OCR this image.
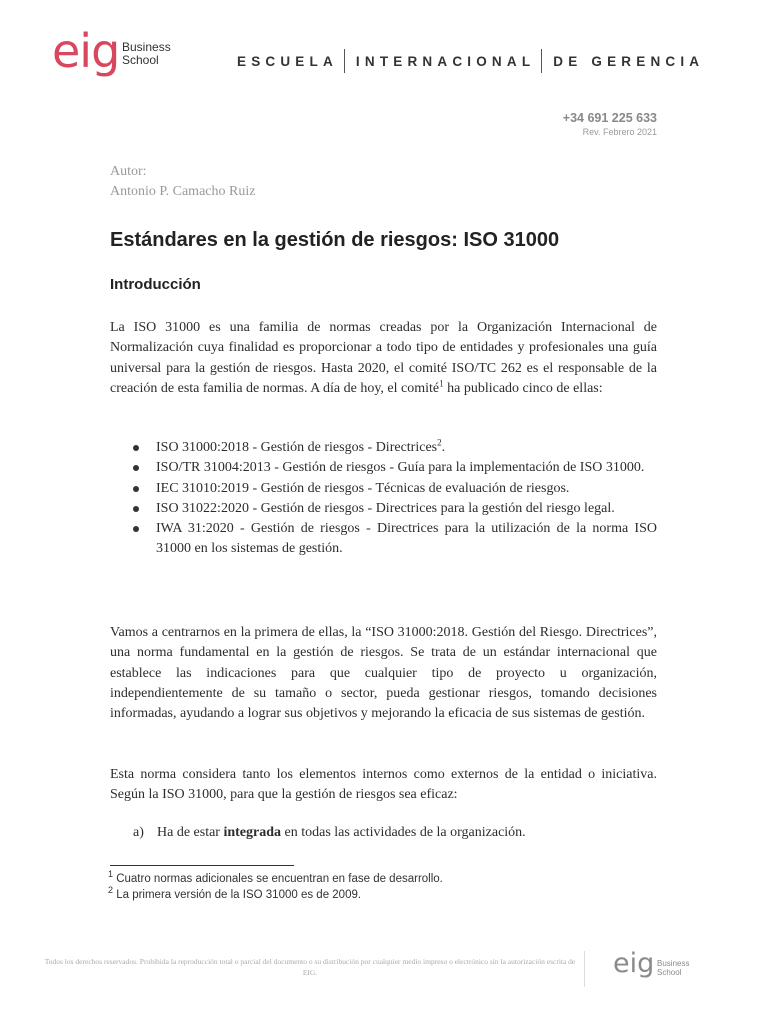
eig Business
School	ESCUELA INTERNACIONAL DE GERENCIA
+34 691 225 633
Rev. Febrero 2021
Autor:
Antonio P. Camacho Ruiz
Estándares en la gestión de riesgos: ISO 31000
Introducción

La ISO 31000 es una familia de normas creadas por la Organización Internacional de Normalización cuya finalidad es proporcionar a todo tipo de entidades y profesionales una guía universal para la gestión de riesgos. Hasta 2020, el comité ISO/TC 262 es el responsable de la creación de esta familia de normas. A día de hoy, el comité$^1$ ha publicado cinco de ellas:

ISO 31000:2018 - Gestión de riesgos - Directrices$^2$.
ISO/TR 31004:2013 - Gestión de riesgos - Guía para la implementación de ISO 31000.
IEC 31010:2019 - Gestión de riesgos - Técnicas de evaluación de riesgos.
ISO 31022:2020 - Gestión de riesgos - Directrices para la gestión del riesgo legal.
IWA 31:2020 - Gestión de riesgos - Directrices para la utilización de la norma ISO 31000 en los sistemas de gestión.

Vamos a centrarnos en la primera de ellas, la “ISO 31000:2018. Gestión del Riesgo. Directrices”, una norma fundamental en la gestión de riesgos. Se trata de un estándar internacional que establece las indicaciones para que cualquier tipo de proyecto u organización, independientemente de su tamaño o sector, pueda gestionar riesgos, tomando decisiones informadas, ayudando a lograr sus objetivos y mejorando la eficacia de sus sistemas de gestión.

Esta norma considera tanto los elementos internos como externos de la entidad o iniciativa. Según la ISO 31000, para que la gestión de riesgos sea eficaz:

a) Ha de estar integrada en todas las actividades de la organización.
$^1$ Cuatro normas adicionales se encuentran en fase de desarrollo.
$^2$ La primera versión de la ISO 31000 es de 2009.
Todos los derechos reservados. Prohibida la reproducción total o parcial del documento o su distribución por cualquier medio impreso o electrónico sin la autorización escrita de EIG.	eig Business
School
